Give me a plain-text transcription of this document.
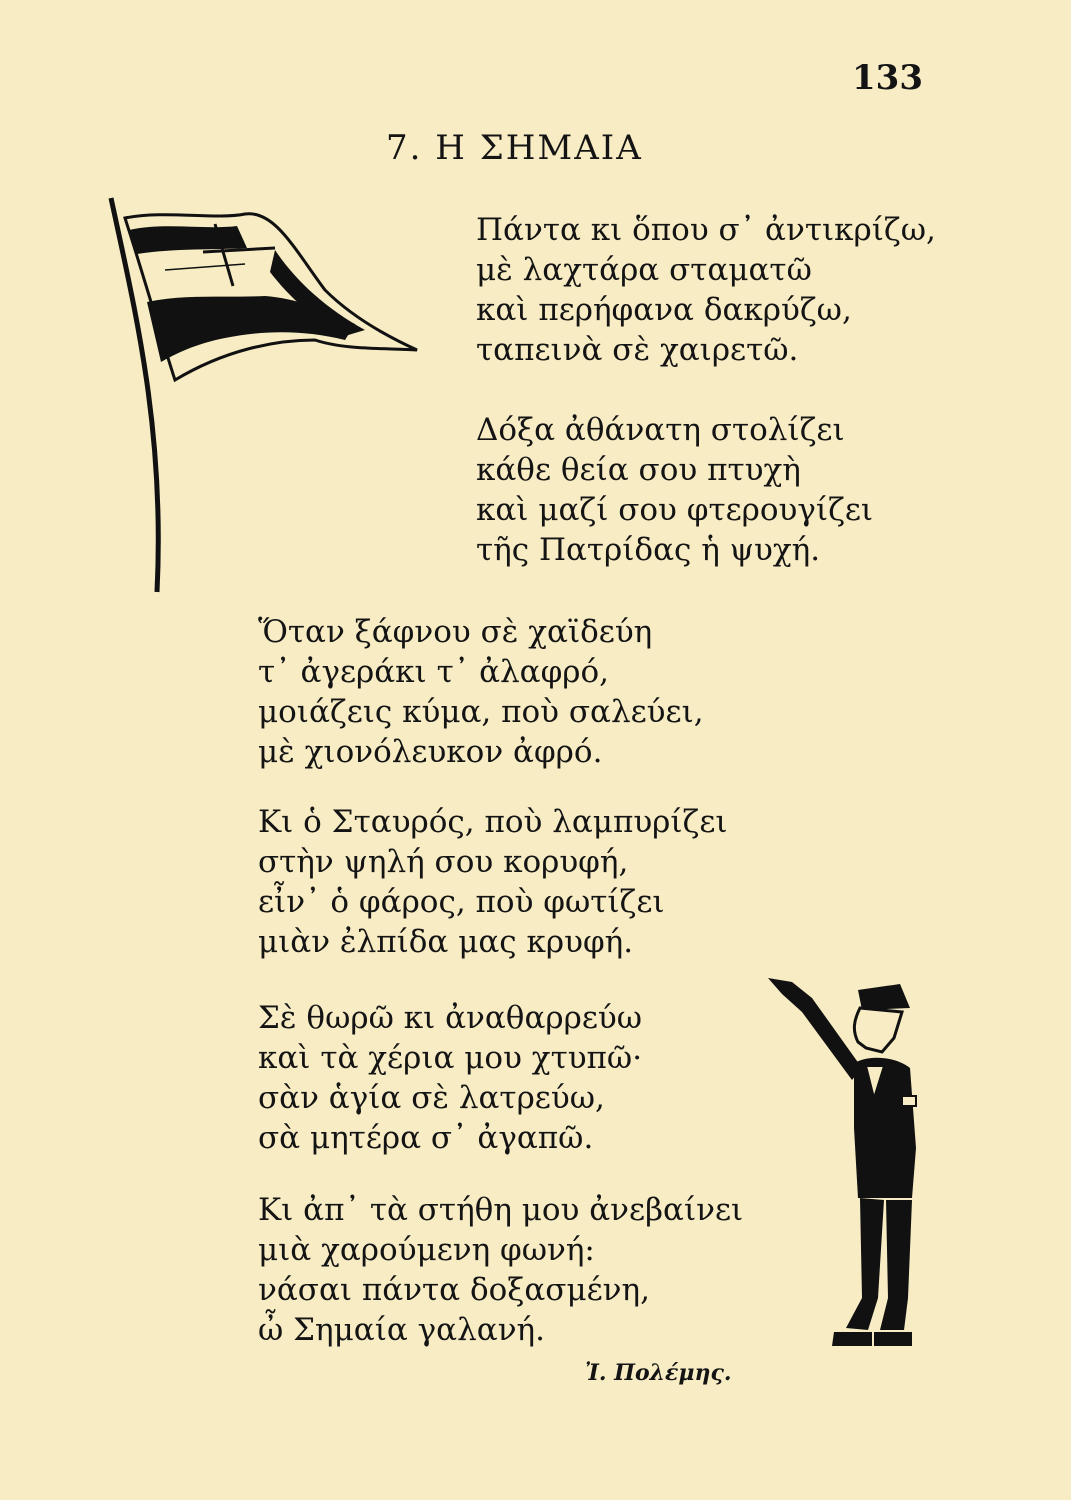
133
7. Η ΣΗΜΑΙΑ
Πάντα κι ὅπου σ᾽ ἀντικρίζω,
μὲ λαχτάρα σταματῶ
καὶ περήφανα δακρύζω,
ταπεινὰ σὲ χαιρετῶ.
Δόξα ἀθάνατη στολίζει
κάθε θεία σου πτυχὴ
καὶ μαζί σου φτερουγίζει
τῆς Πατρίδας ἡ ψυχή.
Ὅταν ξάφνου σὲ χαϊδεύη
τ᾽ ἀγεράκι τ᾽ ἀλαφρό,
μοιάζεις κύμα, ποὺ σαλεύει,
μὲ χιονόλευκον ἀφρό.
Κι ὁ Σταυρός, ποὺ λαμπυρίζει
στὴν ψηλή σου κορυφή,
εἶν᾽ ὁ φάρος, ποὺ φωτίζει
μιὰν ἐλπίδα μας κρυφή.
Σὲ θωρῶ κι ἀναθαρρεύω
καὶ τὰ χέρια μου χτυπῶ·
σὰν ἁγία σὲ λατρεύω,
σὰ μητέρα σ᾽ ἀγαπῶ.
Κι ἀπ᾽ τὰ στήθη μου ἀνεβαίνει
μιὰ χαρούμενη φωνή:
νάσαι πάντα δοξασμένη,
ὦ Σημαία γαλανή.
Ἰ. Πολέμης.
